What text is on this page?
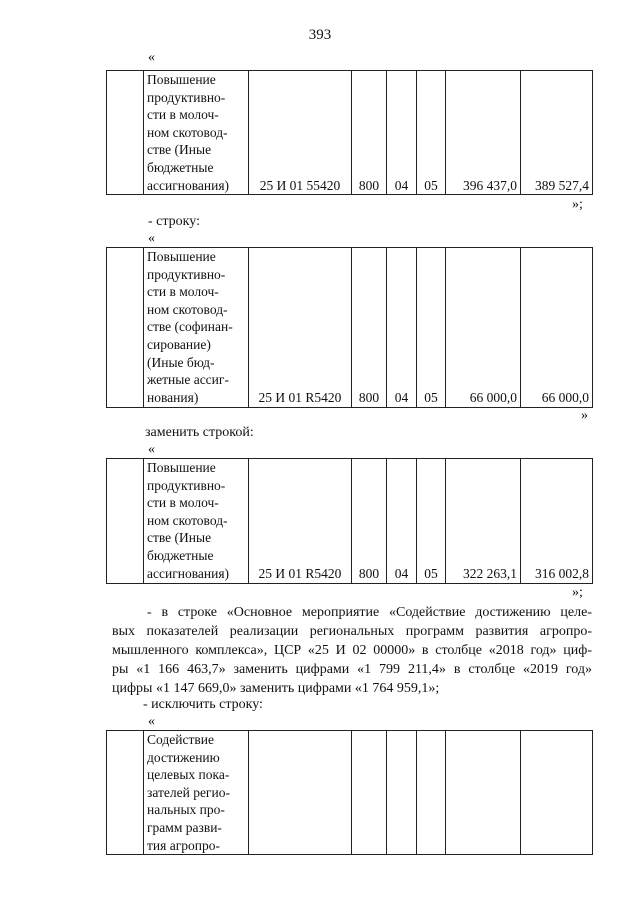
393
«
	Повышение
продуктивно-
сти в молоч-
ном скотовод-
стве (Иные
бюджетные
ассигнования)	25 И 01 55420	800	04	05	396 437,0	389 527,4
»;
- строку:
«
	Повышение
продуктивно-
сти в молоч-
ном скотовод-
стве (софинан-
сирование)
(Иные бюд-
жетные ассиг-
нования)	25 И 01 R5420	800	04	05	66 000,0	66 000,0
»
заменить строкой:
«
	Повышение
продуктивно-
сти в молоч-
ном скотовод-
стве (Иные
бюджетные
ассигнования)	25 И 01 R5420	800	04	05	322 263,1	316 002,8
»;
- в строке «Основное мероприятие «Содействие достижению целе-
вых показателей реализации региональных программ развития агропро-
мышленного комплекса», ЦСР «25 И 02 00000» в столбце «2018 год» циф-
ры «1 166 463,7» заменить цифрами «1 799 211,4» в столбце «2019 год»
цифры «1 147 669,0» заменить цифрами «1 764 959,1»;
- исключить строку:
«
	Содействие
достижению
целевых пока-
зателей регио-
нальных про-
грамм разви-
тия агропро-						
